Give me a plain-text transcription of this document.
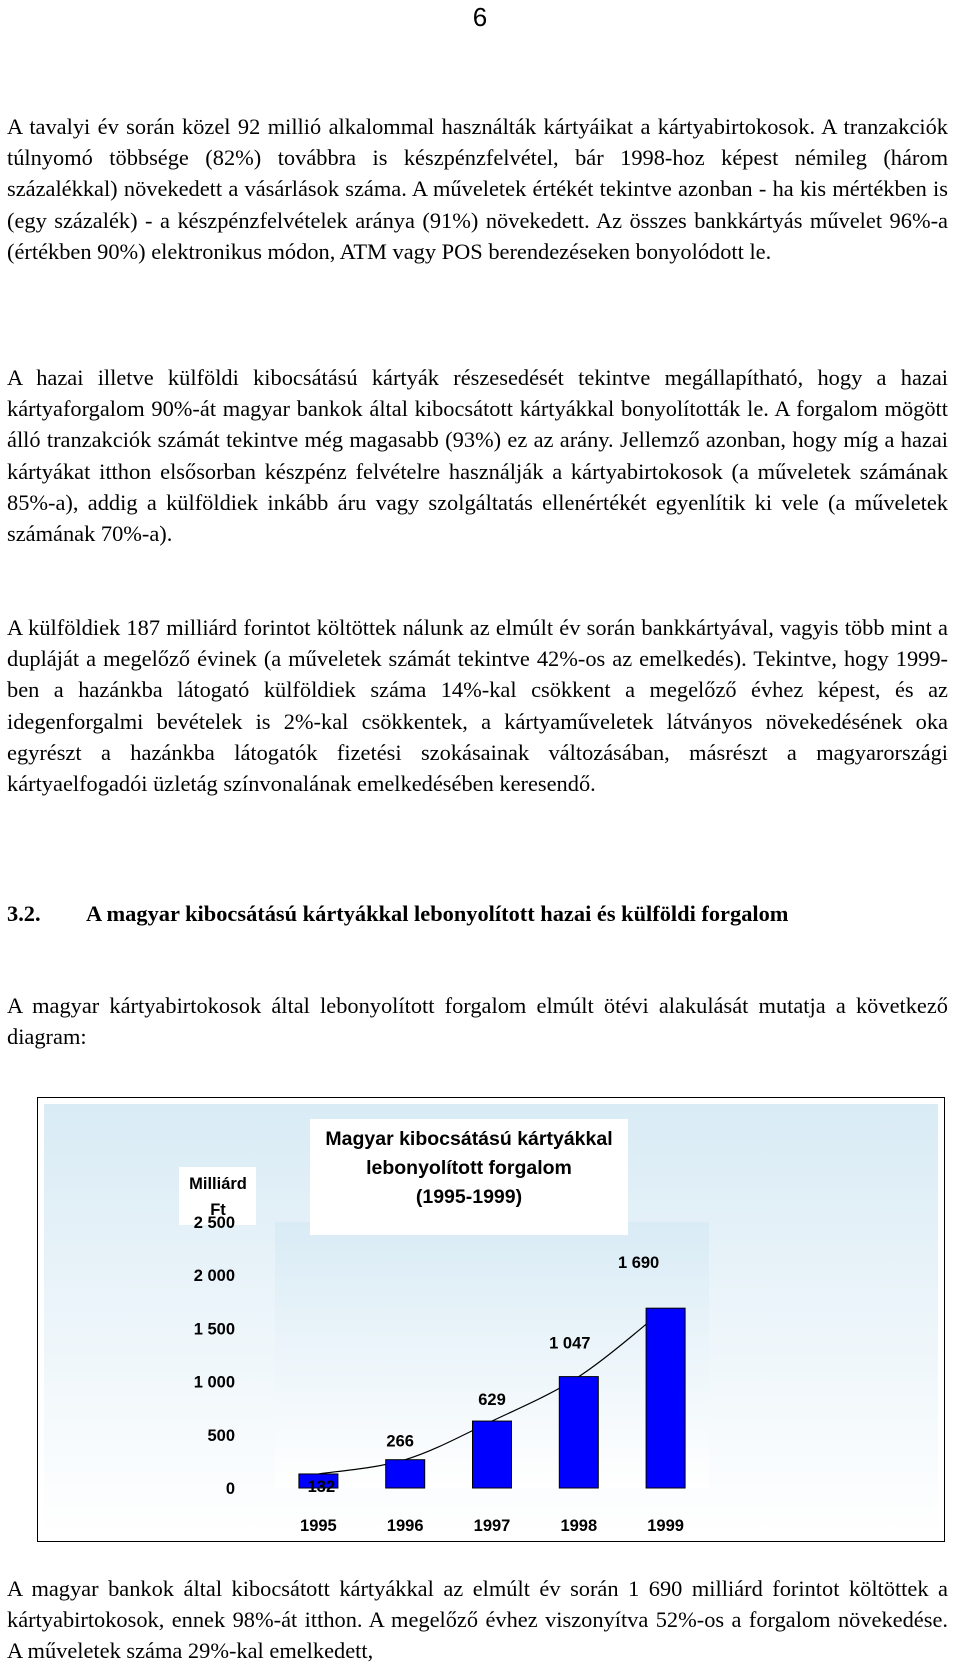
6

A tavalyi év során közel 92 millió alkalommal használták kártyáikat a kártyabirtokosok. A tranzakciók túlnyomó többsége (82%) továbbra is készpénzfelvétel, bár 1998-hoz képest némileg (három százalékkal) növekedett a vásárlások száma. A műveletek értékét tekintve azonban - ha kis mértékben is (egy százalék) - a készpénzfelvételek aránya (91%) növekedett. Az összes bankkártyás művelet 96%-a (értékben 90%) elektronikus módon, ATM vagy POS berendezéseken bonyolódott le.

A hazai illetve külföldi kibocsátású kártyák részesedését tekintve megállapítható, hogy a hazai kártyaforgalom 90%-át magyar bankok által kibocsátott kártyákkal bonyolították le. A forgalom mögött álló tranzakciók számát tekintve még magasabb (93%) ez az arány. Jellemző azonban, hogy míg a hazai kártyákat itthon elsősorban készpénz felvételre használják a kártyabirtokosok (a műveletek számának 85%-a), addig a külföldiek inkább áru vagy szolgáltatás ellenértékét egyenlítik ki vele (a műveletek számának 70%-a).

A külföldiek 187 milliárd forintot költöttek nálunk az elmúlt év során bankkártyával, vagyis több mint a dupláját a megelőző évinek (a műveletek számát tekintve 42%-os az emelkedés). Tekintve, hogy 1999-ben a hazánkba látogató külföldiek száma 14%-kal csökkent a megelőző évhez képest, és az idegenforgalmi bevételek is 2%-kal csökkentek, a kártyaműveletek látványos növekedésének oka egyrészt a hazánkba látogatók fizetési szokásainak változásában, másrészt a magyarországi kártyaelfogadói üzletág színvonalának emelkedésében keresendő.

3.2. A magyar kibocsátású kártyákkal lebonyolított hazai és külföldi forgalom

A magyar kártyabirtokosok által lebonyolított forgalom elmúlt ötévi alakulását mutatja a következő diagram:

Magyar kibocsátású kártyákkal
lebonyolított forgalom
(1995-1999)
Milliárd
Ft
0
500
1 000
1 500
2 000
2 500
1995	1996	1997	1998	1999
132
266
629
1 047
1 690

A magyar bankok által kibocsátott kártyákkal az elmúlt év során 1 690 milliárd forintot költöttek a kártyabirtokosok, ennek 98%-át itthon. A megelőző évhez viszonyítva 52%-os a forgalom növekedése. A műveletek száma 29%-kal emelkedett,
